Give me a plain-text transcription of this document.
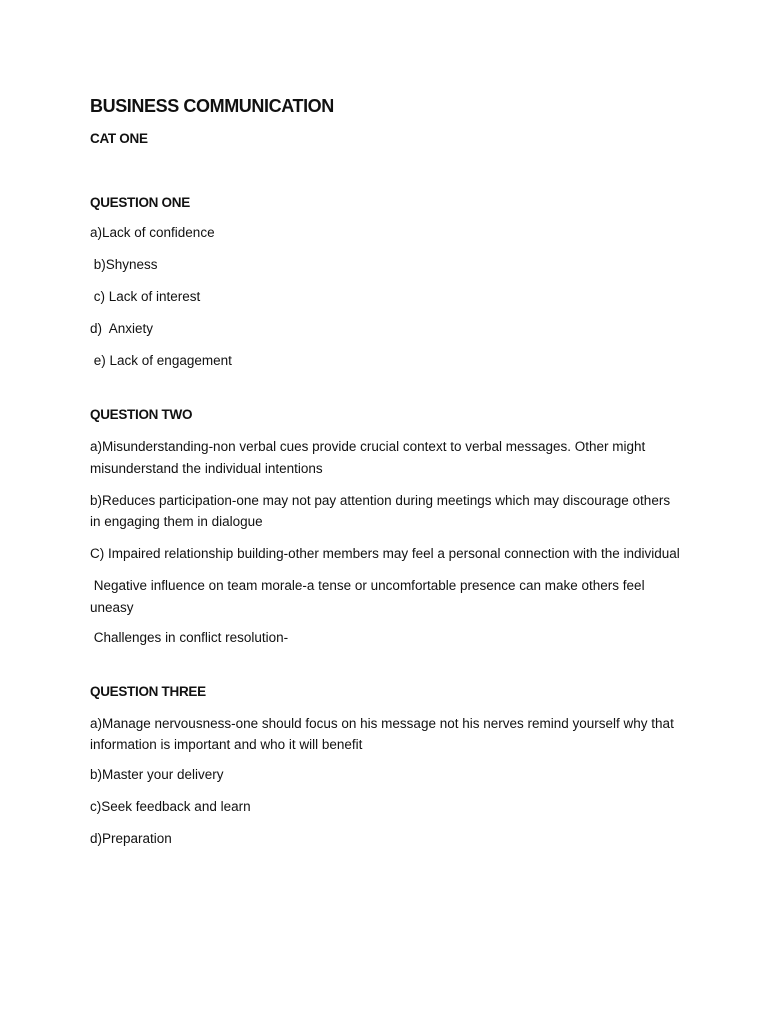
BUSINESS COMMUNICATION
CAT ONE
QUESTION ONE
a)Lack of confidence
b)Shyness
c) Lack of interest
d)  Anxiety
e) Lack of engagement
QUESTION TWO
a)Misunderstanding-non verbal cues provide crucial context to verbal messages. Other might misunderstand the individual intentions
b)Reduces participation-one may not pay attention during meetings which may discourage others in engaging them in dialogue
C) Impaired relationship building-other members may feel a personal connection with the individual
Negative influence on team morale-a tense or uncomfortable presence can make others feel uneasy
Challenges in conflict resolution-
QUESTION THREE
a)Manage nervousness-one should focus on his message not his nerves remind yourself why that information is important and who it will benefit
b)Master your delivery
c)Seek feedback and learn
d)Preparation
